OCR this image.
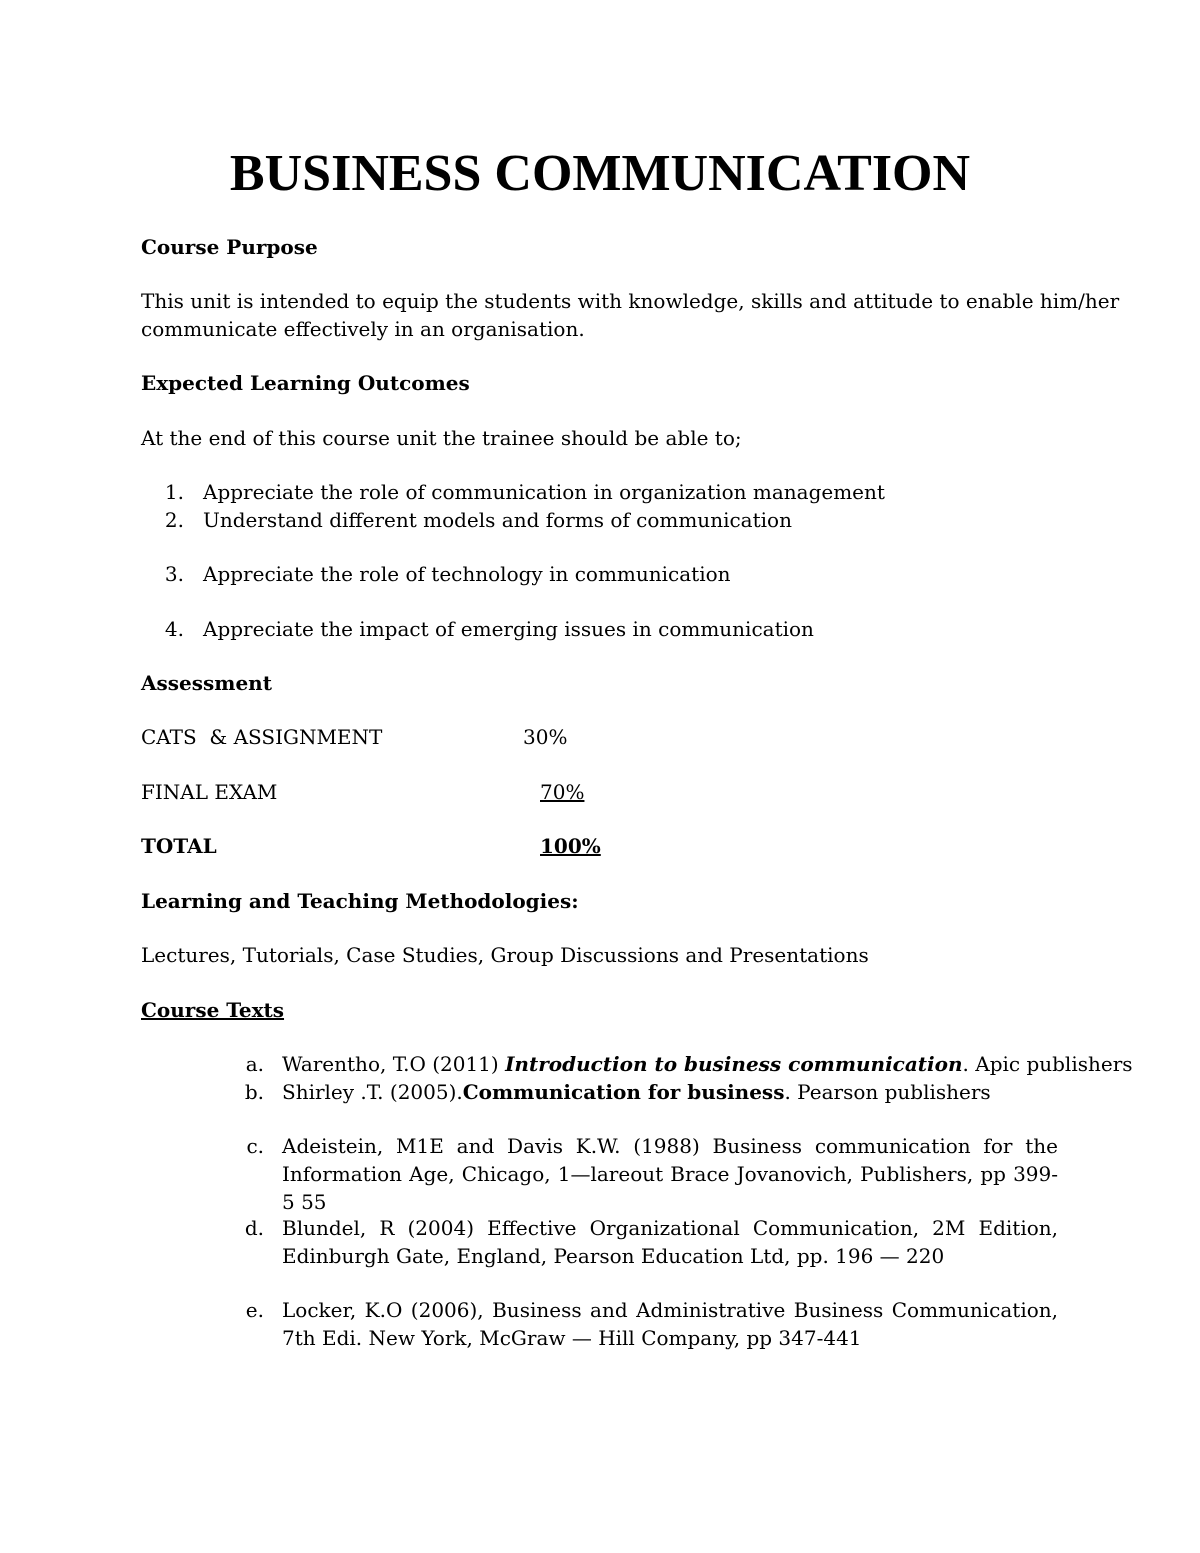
BUSINESS COMMUNICATION
Course Purpose
This unit is intended to equip the students with knowledge, skills and attitude to enable him/her
communicate effectively in an organisation.
Expected Learning Outcomes
At the end of this course unit the trainee should be able to;
1. Appreciate the role of communication in organization management
2. Understand different models and forms of communication
3. Appreciate the role of technology in communication
4. Appreciate the impact of emerging issues in communication
Assessment
CATS  & ASSIGNMENT	30%
FINAL EXAM	70%
TOTAL	100%
Learning and Teaching Methodologies:
Lectures, Tutorials, Case Studies, Group Discussions and Presentations
Course Texts
a. Warentho, T.O (2011) Introduction to business communication. Apic publishers
b. Shirley .T. (2005).Communication for business. Pearson publishers
c. Adeistein, M1E and Davis K.W. (1988) Business communication for the Information Age, Chicago, 1—lareout Brace Jovanovich, Publishers, pp 399-5 55
d. Blundel, R (2004) Effective Organizational Communication, 2M Edition, Edinburgh Gate, England, Pearson Education Ltd, pp. 196 — 220
e. Locker, K.O (2006), Business and Administrative Business Communication, 7th Edi. New York, McGraw — Hill Company, pp 347-441
